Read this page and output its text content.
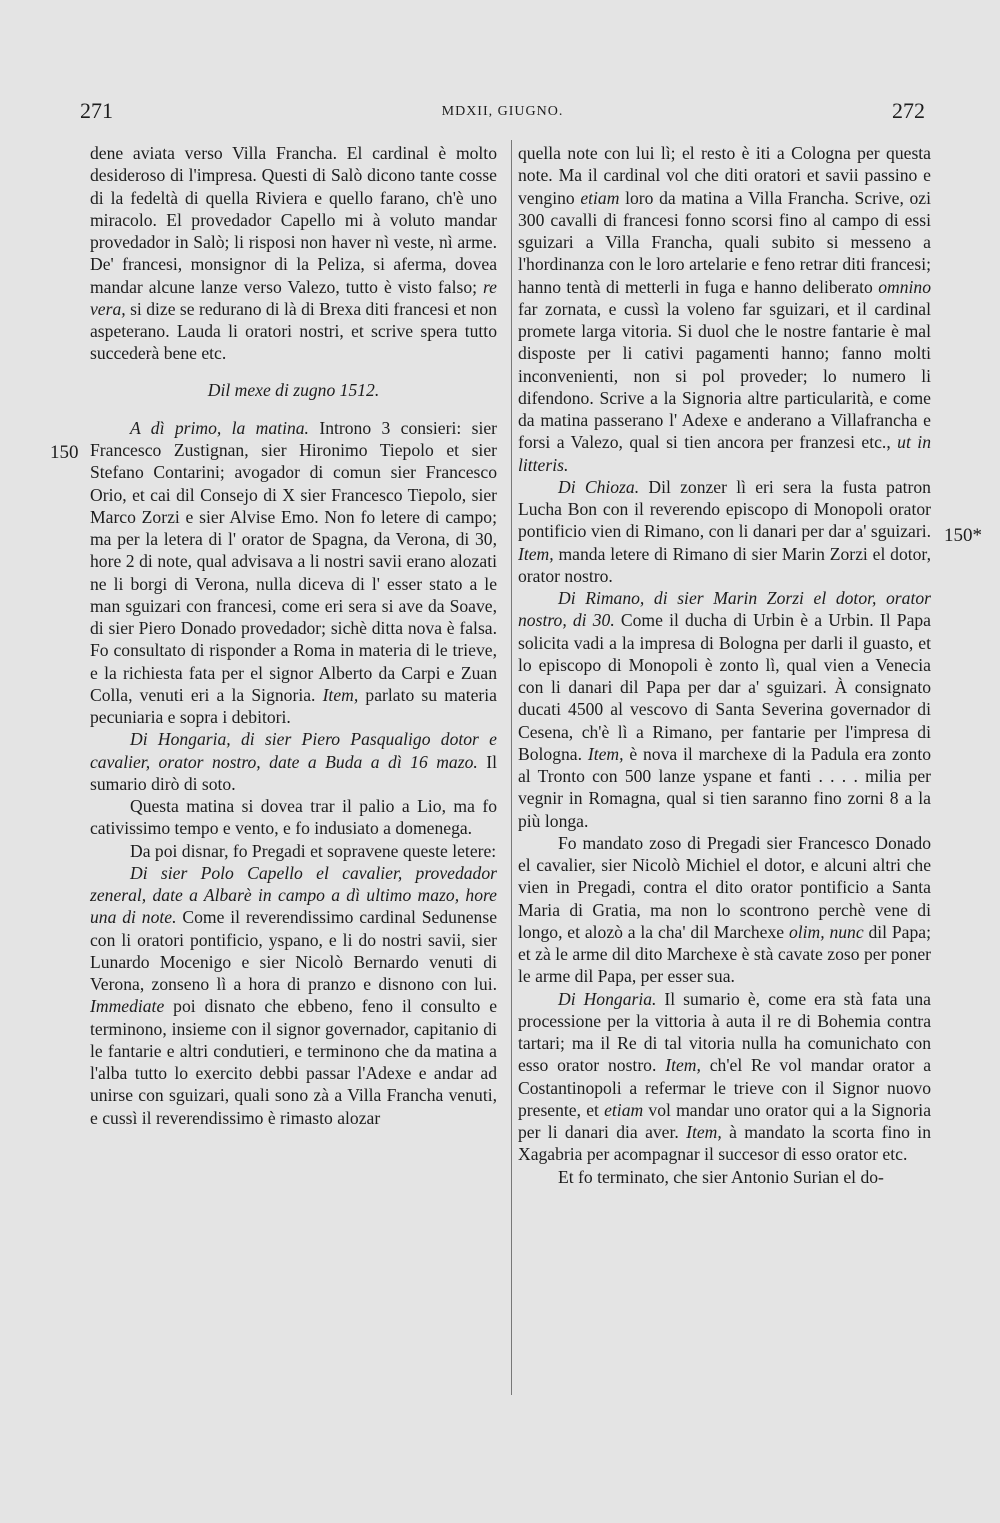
271	MDXII, GIUGNO.	272
150
150*

dene aviata verso Villa Francha. El cardinal è molto desideroso di l'impresa. Questi di Salò dicono tante cosse di la fedeltà di quella Riviera e quello farano, ch'è uno miracolo. El provedador Capello mi à voluto mandar provedador in Salò; li risposi non haver nì veste, nì arme. De' francesi, monsignor di la Peliza, si aferma, dovea mandar alcune lanze verso Valezo, tutto è visto falso; re vera, si dize se redurano di là di Brexa diti francesi et non aspeterano. Lauda li oratori nostri, et scrive spera tutto succederà bene etc.

Dil mexe di zugno 1512.

A dì primo, la matina. Introno 3 consieri: sier Francesco Zustignan, sier Hironimo Tiepolo et sier Stefano Contarini; avogador di comun sier Francesco Orio, et cai dil Consejo di X sier Francesco Tiepolo, sier Marco Zorzi e sier Alvise Emo. Non fo letere di campo; ma per la letera di l' orator de Spagna, da Verona, di 30, hore 2 di note, qual advisava a li nostri savii erano alozati ne li borgi di Verona, nulla diceva di l' esser stato a le man sguizari con francesi, come eri sera si ave da Soave, di sier Piero Donado provedador; sichè ditta nova è falsa. Fo consultato di risponder a Roma in materia di le trieve, e la richiesta fata per el signor Alberto da Carpi e Zuan Colla, venuti eri a la Signoria. Item, parlato su materia pecuniaria e sopra i debitori.

Di Hongaria, di sier Piero Pasqualigo dotor e cavalier, orator nostro, date a Buda a dì 16 mazo. Il sumario dirò di soto.

Questa matina si dovea trar il palio a Lio, ma fo cativissimo tempo e vento, e fo indusiato a domenega.

Da poi disnar, fo Pregadi et sopravene queste letere:

Di sier Polo Capello el cavalier, provedador zeneral, date a Albarè in campo a dì ultimo mazo, hore una di note. Come il reverendissimo cardinal Sedunense con li oratori pontificio, yspano, e li do nostri savii, sier Lunardo Mocenigo e sier Nicolò Bernardo venuti di Verona, zonseno lì a hora di pranzo e disnono con lui. Immediate poi disnato che ebbeno, feno il consulto e terminono, insieme con il signor governador, capitanio di le fantarie e altri condutieri, e terminono che da matina a l'alba tutto lo exercito debbi passar l'Adexe e andar ad unirse con sguizari, quali sono zà a Villa Francha venuti, e cussì il reverendissimo è rimasto alozar

quella note con lui lì; el resto è iti a Cologna per questa note. Ma il cardinal vol che diti oratori et savii passino e vengino etiam loro da matina a Villa Francha. Scrive, ozi 300 cavalli di francesi fonno scorsi fino al campo di essi sguizari a Villa Francha, quali subito si messeno a l'hordinanza con le loro artelarie e feno retrar diti francesi; hanno tentà di metterli in fuga e hanno deliberato omnino far zornata, e cussì la voleno far sguizari, et il cardinal promete larga vitoria. Si duol che le nostre fantarie è mal disposte per li cativi pagamenti hanno; fanno molti inconvenienti, non si pol proveder; lo numero li difendono. Scrive a la Signoria altre particularità, e come da matina passerano l' Adexe e anderano a Villafrancha e forsi a Valezo, qual si tien ancora per franzesi etc., ut in litteris.

Di Chioza. Dil zonzer lì eri sera la fusta patron Lucha Bon con il reverendo episcopo di Monopoli orator pontificio vien di Rimano, con li danari per dar a' sguizari. Item, manda letere di Rimano di sier Marin Zorzi el dotor, orator nostro.

Di Rimano, di sier Marin Zorzi el dotor, orator nostro, di 30. Come il ducha di Urbin è a Urbin. Il Papa solicita vadi a la impresa di Bologna per darli il guasto, et lo episcopo di Monopoli è zonto lì, qual vien a Venecia con li danari dil Papa per dar a' sguizari. À consignato ducati 4500 al vescovo di Santa Severina governador di Cesena, ch'è lì a Rimano, per fantarie per l'impresa di Bologna. Item, è nova il marchexe di la Padula era zonto al Tronto con 500 lanze yspane et fanti . . . . milia per vegnir in Romagna, qual si tien saranno fino zorni 8 a la più longa.

Fo mandato zoso di Pregadi sier Francesco Donado el cavalier, sier Nicolò Michiel el dotor, e alcuni altri che vien in Pregadi, contra el dito orator pontificio a Santa Maria di Gratia, ma non lo scontrono perchè vene di longo, et alozò a la cha' dil Marchexe olim, nunc dil Papa; et zà le arme dil dito Marchexe è stà cavate zoso per poner le arme dil Papa, per esser sua.

Di Hongaria. Il sumario è, come era stà fata una processione per la vittoria à auta il re di Bohemia contra tartari; ma il Re di tal vitoria nulla ha comunichato con esso orator nostro. Item, ch'el Re vol mandar orator a Costantinopoli a refermar le trieve con il Signor nuovo presente, et etiam vol mandar uno orator qui a la Signoria per li danari dia aver. Item, à mandato la scorta fino in Xagabria per acompagnar il succesor di esso orator etc.

Et fo terminato, che sier Antonio Surian el do-
